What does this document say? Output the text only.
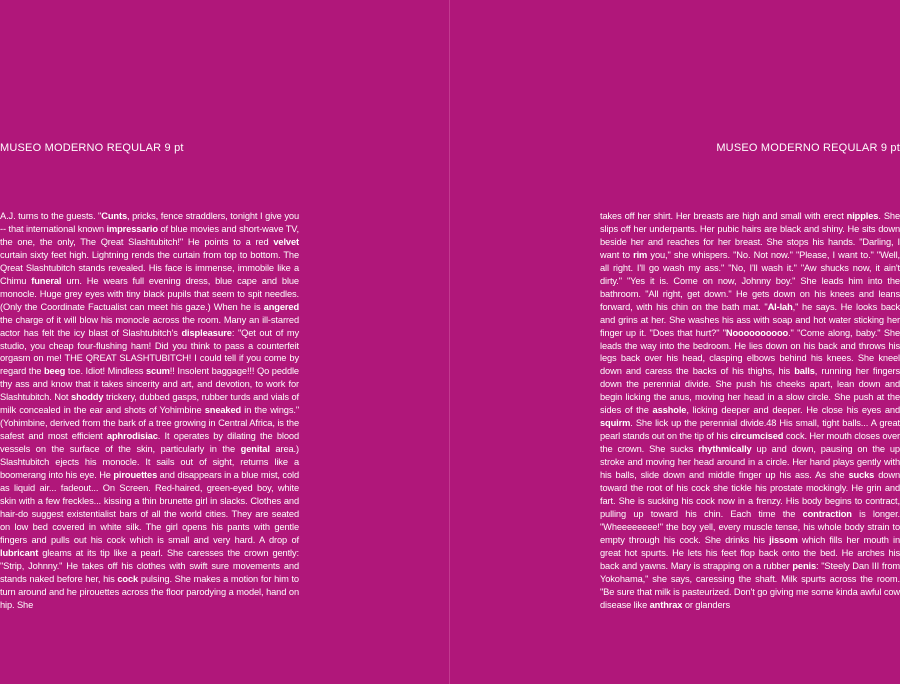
MUSEO MODERNO REQULAR 9 pt	MUSEO MODERNO REQULAR 9 pt
A.J. turns to the guests. "Cunts, pricks, fence straddlers, tonight I give you -- that international known impressario of blue movies and short-wave TV, the one, the only, The Qreat Slashtubitch!" He points to a red velvet curtain sixty feet high. Lightning rends the curtain from top to bottom. The Qreat Slashtubitch stands revealed. His face is immense, immobile like a Chimu funeral urn. He wears full evening dress, blue cape and blue monocle. Huge grey eyes with tiny black pupils that seem to spit needles. (Only the Coordinate Factualist can meet his gaze.) When he is angered the charge of it will blow his monocle across the room. Many an ill-starred actor has felt the icy blast of Slashtubitch's displeasure: "Qet out of my studio, you cheap four-flushing ham! Did you think to pass a counterfeit orgasm on me! THE QREAT SLASHTUBITCH! I could tell if you come by regard the beeg toe. Idiot! Mindless scum!! Insolent baggage!!! Qo peddle thy ass and know that it takes sincerity and art, and devotion, to work for Slashtubitch. Not shoddy trickery, dubbed gasps, rubber turds and vials of milk concealed in the ear and shots of Yohimbine sneaked in the wings." (Yohimbine, derived from the bark of a tree growing in Central Africa, is the safest and most efficient aphrodisiac. It operates by dilating the blood vessels on the surface of the skin, particularly in the genital area.) Slashtubitch ejects his monocle. It sails out of sight, returns like a boomerang into his eye. He pirouettes and disappears in a blue mist, cold as liquid air... fadeout... On Screen. Red-haired, green-eyed boy, white skin with a few freckles... kissing a thin brunette girl in slacks. Clothes and hair-do suggest existentialist bars of all the world cities. They are seated on low bed covered in white silk. The girl opens his pants with gentle fingers and pulls out his cock which is small and very hard. A drop of lubricant gleams at its tip like a pearl. She caresses the crown gently: "Strip, Johnny." He takes off his clothes with swift sure movements and stands naked before her, his cock pulsing. She makes a motion for him to turn around and he pirouettes across the floor parodying a model, hand on hip. She
takes off her shirt. Her breasts are high and small with erect nipples. She slips off her underpants. Her pubic hairs are black and shiny. He sits down beside her and reaches for her breast. She stops his hands. "Darling, I want to rim you," she whispers. "No. Not now." "Please, I want to." "Well, all right. I'll go wash my ass." "No, I'll wash it." "Aw shucks now, it ain't dirty." "Yes it is. Come on now, Johnny boy." She leads him into the bathroom. "All right, get down." He gets down on his knees and leans forward, with his chin on the bath mat. "Al-lah," he says. He looks back and grins at her. She washes his ass with soap and hot water sticking her finger up it. "Does that hurt?" "Noooooooooo." "Come along, baby." She leads the way into the bedroom. He lies down on his back and throws his legs back over his head, clasping elbows behind his knees. She kneel down and caress the backs of his thighs, his balls, running her fingers down the perennial divide. She push his cheeks apart, lean down and begin licking the anus, moving her head in a slow circle. She push at the sides of the asshole, licking deeper and deeper. He close his eyes and squirm. She lick up the perennial divide.48 His small, tight balls... A great pearl stands out on the tip of his circumcised cock. Her mouth closes over the crown. She sucks rhythmically up and down, pausing on the up stroke and moving her head around in a circle. Her hand plays gently with his balls, slide down and middle finger up his ass. As she sucks down toward the root of his cock she tickle his prostate mockingly. He grin and fart. She is sucking his cock now in a frenzy. His body begins to contract, pulling up toward his chin. Each time the contraction is longer. "Wheeeeeeee!" the boy yell, every muscle tense, his whole body strain to empty through his cock. She drinks his jissom which fills her mouth in great hot spurts. He lets his feet flop back onto the bed. He arches his back and yawns. Mary is strapping on a rubber penis: "Steely Dan III from Yokohama," she says, caressing the shaft. Milk spurts across the room. "Be sure that milk is pasteurized. Don't go giving me some kinda awful cow disease like anthrax or glanders
